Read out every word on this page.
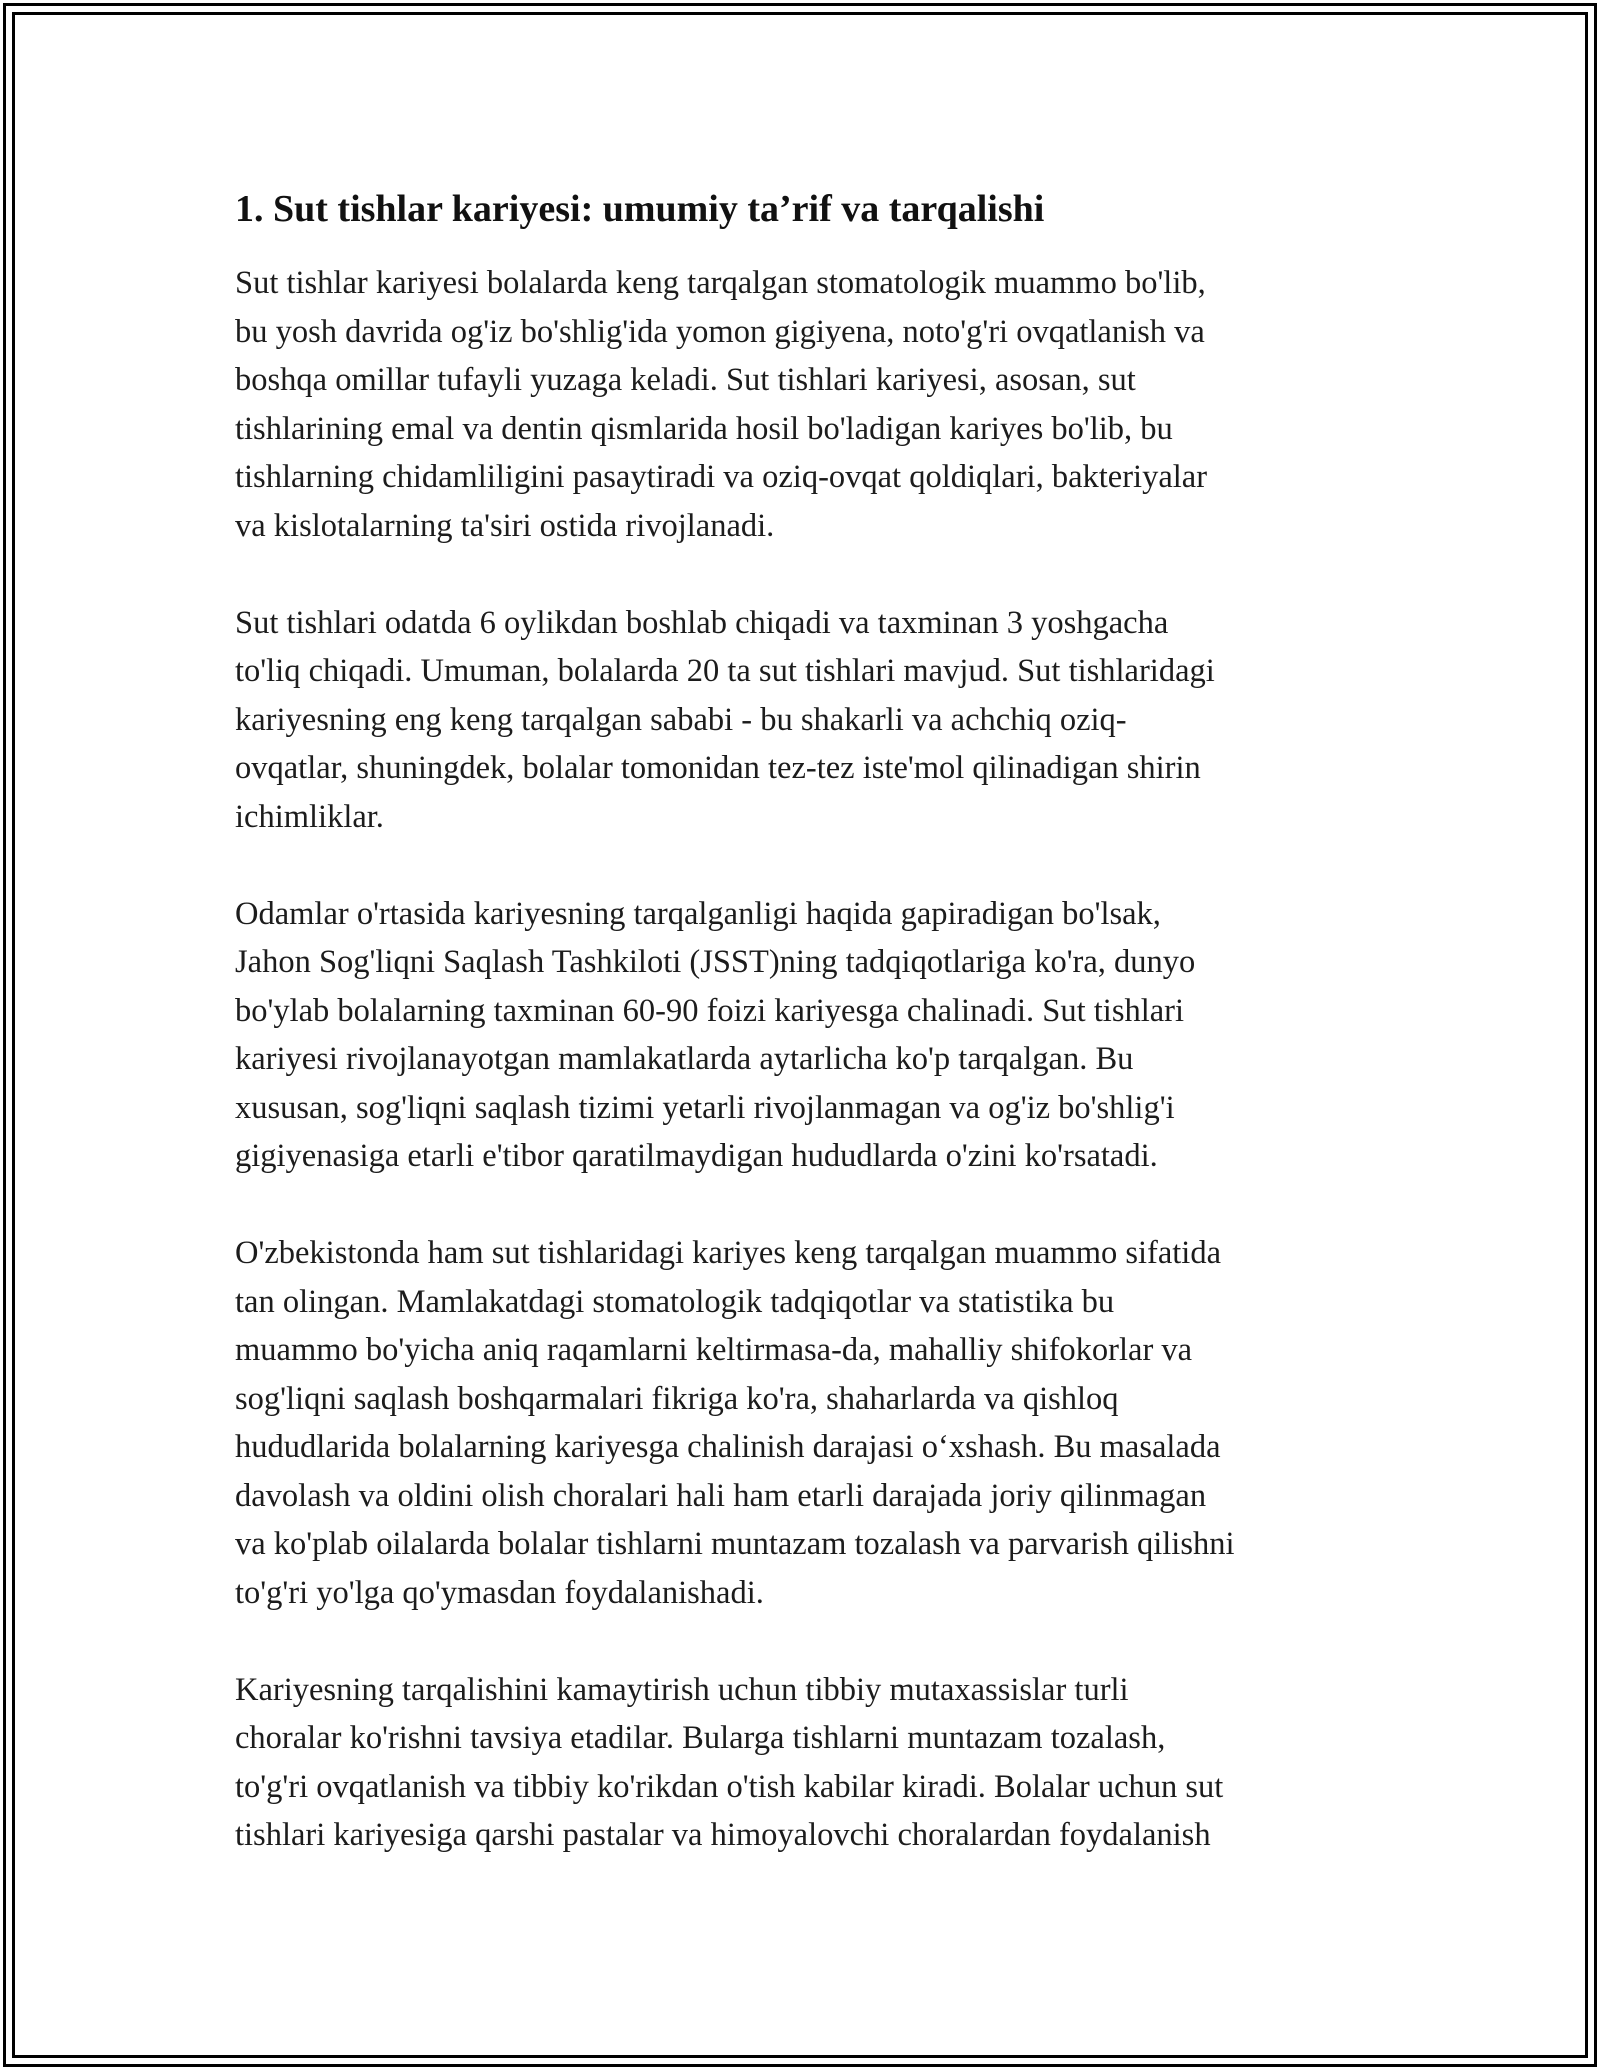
1. Sut tishlar kariyesi: umumiy ta’rif va tarqalishi

Sut tishlar kariyesi bolalarda keng tarqalgan stomatologik muammo bo'lib,
bu yosh davrida og'iz bo'shlig'ida yomon gigiyena, noto'g'ri ovqatlanish va
boshqa omillar tufayli yuzaga keladi. Sut tishlari kariyesi, asosan, sut
tishlarining emal va dentin qismlarida hosil bo'ladigan kariyes bo'lib, bu
tishlarning chidamliligini pasaytiradi va oziq-ovqat qoldiqlari, bakteriyalar
va kislotalarning ta'siri ostida rivojlanadi.

Sut tishlari odatda 6 oylikdan boshlab chiqadi va taxminan 3 yoshgacha
to'liq chiqadi. Umuman, bolalarda 20 ta sut tishlari mavjud. Sut tishlaridagi
kariyesning eng keng tarqalgan sababi - bu shakarli va achchiq oziq-
ovqatlar, shuningdek, bolalar tomonidan tez-tez iste'mol qilinadigan shirin
ichimliklar.

Odamlar o'rtasida kariyesning tarqalganligi haqida gapiradigan bo'lsak,
Jahon Sog'liqni Saqlash Tashkiloti (JSST)ning tadqiqotlariga ko'ra, dunyo
bo'ylab bolalarning taxminan 60-90 foizi kariyesga chalinadi. Sut tishlari
kariyesi rivojlanayotgan mamlakatlarda aytarlicha ko'p tarqalgan. Bu
xususan, sog'liqni saqlash tizimi yetarli rivojlanmagan va og'iz bo'shlig'i
gigiyenasiga etarli e'tibor qaratilmaydigan hududlarda o'zini ko'rsatadi.

O'zbekistonda ham sut tishlaridagi kariyes keng tarqalgan muammo sifatida
tan olingan. Mamlakatdagi stomatologik tadqiqotlar va statistika bu
muammo bo'yicha aniq raqamlarni keltirmasa-da, mahalliy shifokorlar va
sog'liqni saqlash boshqarmalari fikriga ko'ra, shaharlarda va qishloq
hududlarida bolalarning kariyesga chalinish darajasi o‘xshash. Bu masalada
davolash va oldini olish choralari hali ham etarli darajada joriy qilinmagan
va ko'plab oilalarda bolalar tishlarni muntazam tozalash va parvarish qilishni
to'g'ri yo'lga qo'ymasdan foydalanishadi.

Kariyesning tarqalishini kamaytirish uchun tibbiy mutaxassislar turli
choralar ko'rishni tavsiya etadilar. Bularga tishlarni muntazam tozalash,
to'g'ri ovqatlanish va tibbiy ko'rikdan o'tish kabilar kiradi. Bolalar uchun sut
tishlari kariyesiga qarshi pastalar va himoyalovchi choralardan foydalanish
